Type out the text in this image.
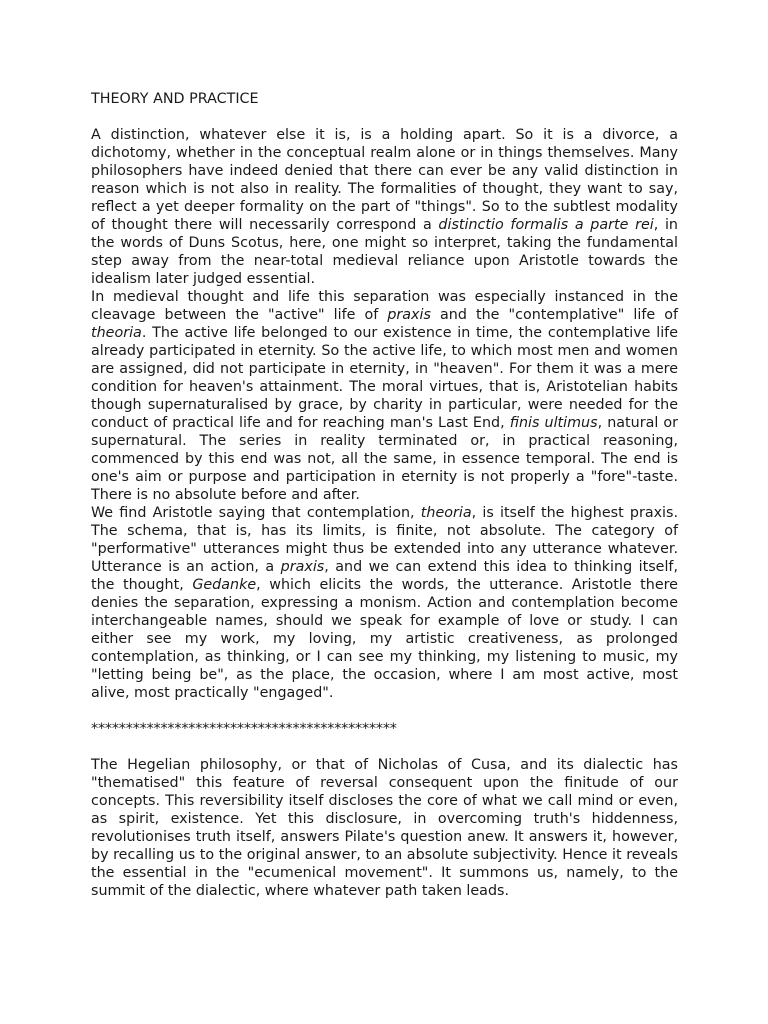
THEORY AND PRACTICE

A distinction, whatever else it is, is a holding apart. So it is a divorce, a dichotomy, whether in the conceptual realm alone or in things themselves. Many philosophers have indeed denied that there can ever be any valid distinction in reason which is not also in reality. The formalities of thought, they want to say, reflect a yet deeper formality on the part of "things". So to the subtlest modality of thought there will necessarily correspond a distinctio formalis a parte rei, in the words of Duns Scotus, here, one might so interpret, taking the fundamental step away from the near-total medieval reliance upon Aristotle towards the idealism later judged essential.

In medieval thought and life this separation was especially instanced in the cleavage between the "active" life of praxis and the "contemplative" life of theoria. The active life belonged to our existence in time, the contemplative life already participated in eternity. So the active life, to which most men and women are assigned, did not participate in eternity, in "heaven". For them it was a mere condition for heaven's attainment. The moral virtues, that is, Aristotelian habits though supernaturalised by grace, by charity in particular, were needed for the conduct of practical life and for reaching man's Last End, finis ultimus, natural or supernatural. The series in reality terminated or, in practical reasoning, commenced by this end was not, all the same, in essence temporal. The end is one's aim or purpose and participation in eternity is not properly a "fore"-taste. There is no absolute before and after.

We find Aristotle saying that contemplation, theoria, is itself the highest praxis. The schema, that is, has its limits, is finite, not absolute. The category of "performative" utterances might thus be extended into any utterance whatever. Utterance is an action, a praxis, and we can extend this idea to thinking itself, the thought, Gedanke, which elicits the words, the utterance. Aristotle there denies the separation, expressing a monism. Action and contemplation become interchangeable names, should we speak for example of love or study. I can either see my work, my loving, my artistic creativeness, as prolonged contemplation, as thinking, or I can see my thinking, my listening to music, my "letting being be", as the place, the occasion, where I am most active, most alive, most practically "engaged".

********************************************

The Hegelian philosophy, or that of Nicholas of Cusa, and its dialectic has "thematised" this feature of reversal consequent upon the finitude of our concepts. This reversibility itself discloses the core of what we call mind or even, as spirit, existence. Yet this disclosure, in overcoming truth's hiddenness, revolutionises truth itself, answers Pilate's question anew. It answers it, however, by recalling us to the original answer, to an absolute subjectivity. Hence it reveals the essential in the "ecumenical movement". It summons us, namely, to the summit of the dialectic, where whatever path taken leads.
